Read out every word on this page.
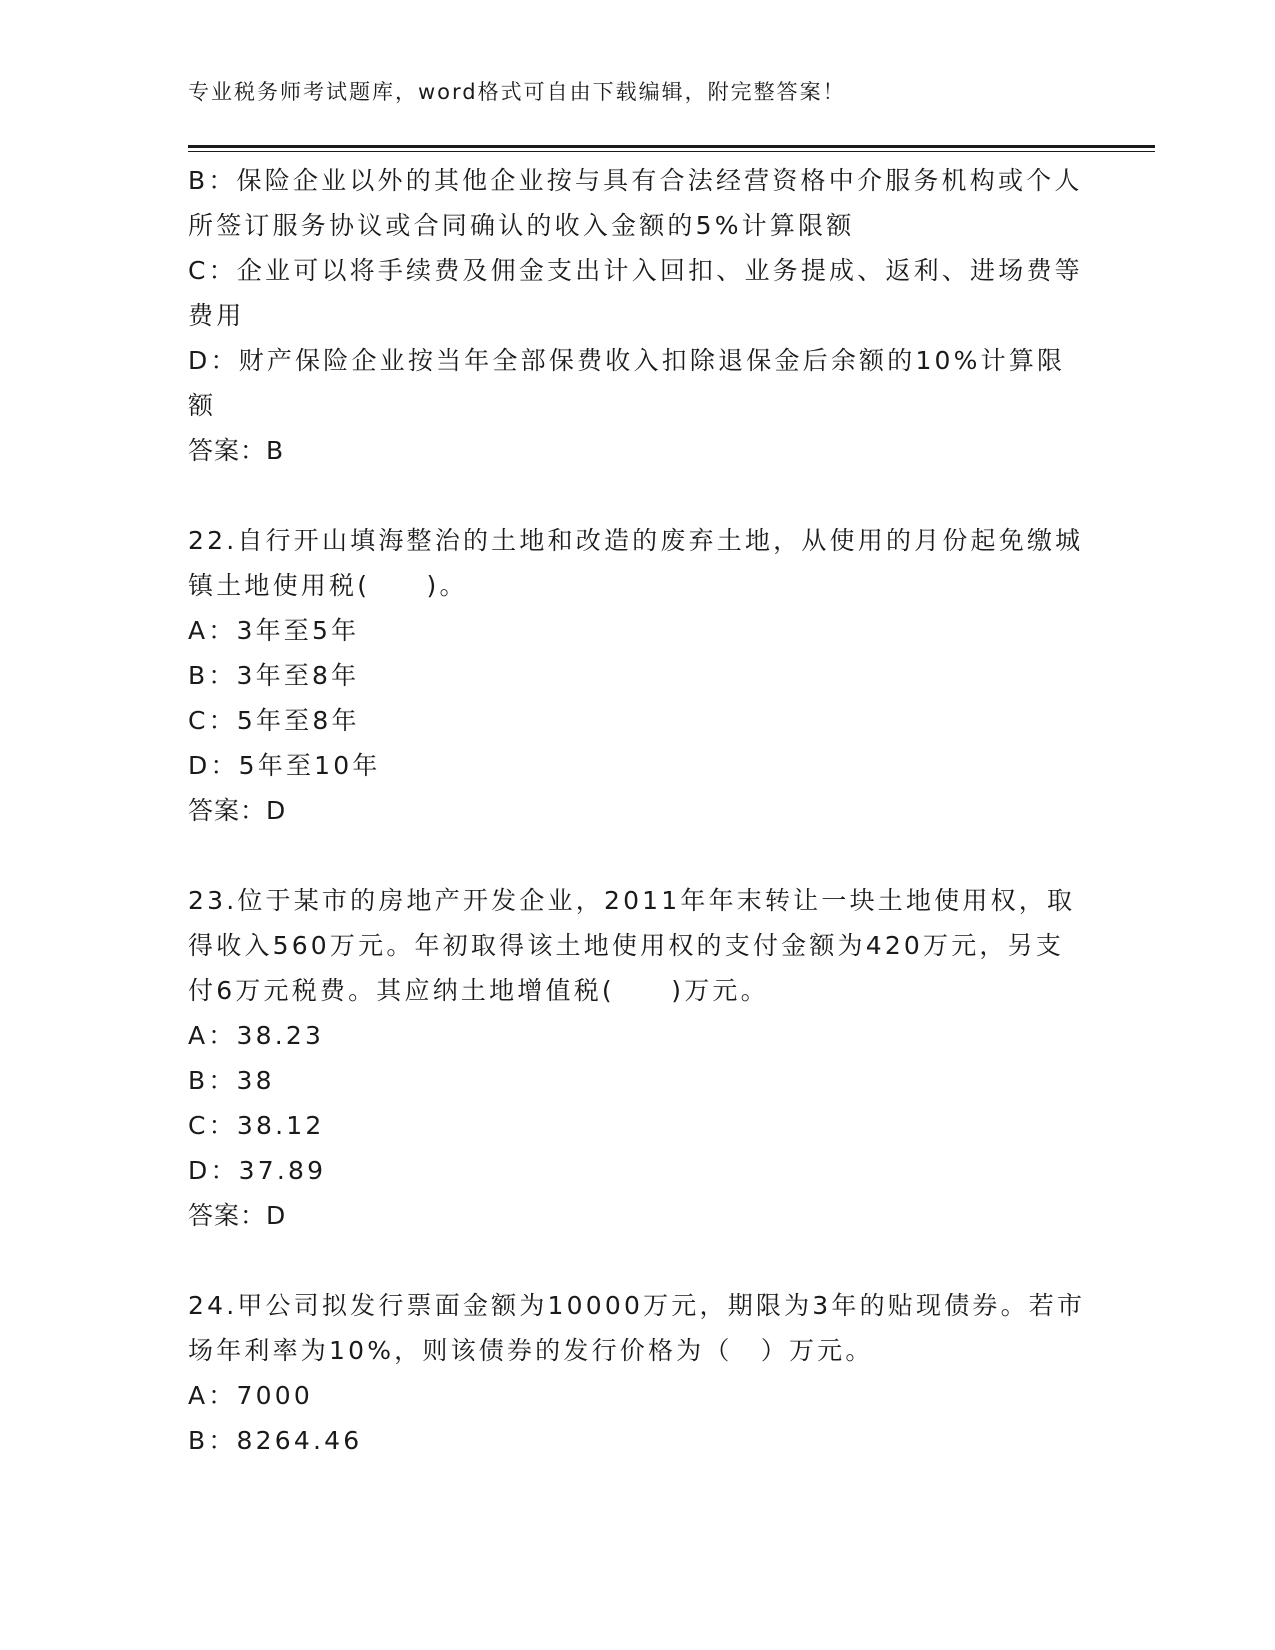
专业税务师考试题库，word格式可自由下载编辑，附完整答案！

B：保险企业以外的其他企业按与具有合法经营资格中介服务机构或个人所签订服务协议或合同确认的收入金额的5%计算限额

C：企业可以将手续费及佣金支出计入回扣、业务提成、返利、进场费等费用

D：财产保险企业按当年全部保费收入扣除退保金后余额的10%计算限额

答案：B

22.自行开山填海整治的土地和改造的废弃土地，从使用的月份起免缴城镇土地使用税(　　)。

A：3年至5年

B：3年至8年

C：5年至8年

D：5年至10年

答案：D

23.位于某市的房地产开发企业，2011年年末转让一块土地使用权，取得收入560万元。年初取得该土地使用权的支付金额为420万元，另支付6万元税费。其应纳土地增值税(　　)万元。

A：38.23

B：38

C：38.12

D：37.89

答案：D

24.甲公司拟发行票面金额为10000万元，期限为3年的贴现债券。若市场年利率为10%，则该债券的发行价格为（　）万元。

A：7000

B：8264.46
